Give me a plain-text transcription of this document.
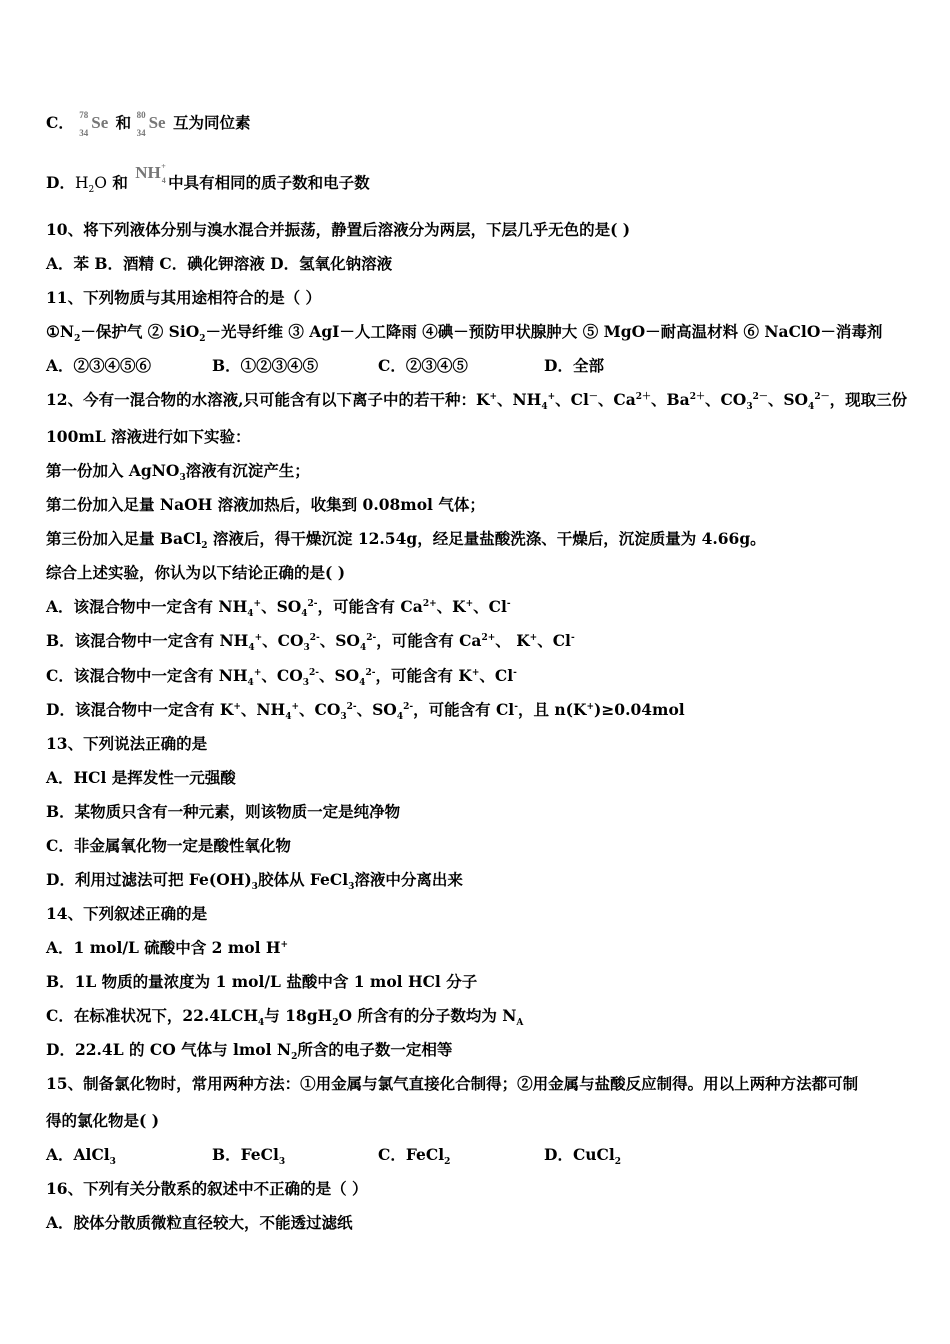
C． 78
34
Se 和 80
34
Se 互为同位素
D．$H_2O$ 和 NH +
4 中具有相同的质子数和电子数
10、将下列液体分别与溴水混合并振荡，静置后溶液分为两层，下层几乎无色的是( )
A．苯 B．酒精 C．碘化钾溶液 D．氢氧化钠溶液
11、下列物质与其用途相符合的是（ ）
$①N_2-$保护气 ② SiO$_2$－光导纤维 ③ AgI－人工降雨 ④碘－预防甲状腺肿大 ⑤ MgO－耐高温材料 ⑥ NaClO－消毒剂
A．②③④⑤⑥	B．①②③④⑤	C．②③④⑤	D．全部
12、今有一混合物的水溶液,只可能含有以下离子中的若干种：K+、$NH_4^+$、Cl－、$Ca^{2+}$、$Ba^{2+}$、$CO_3^{2-}$、$SO_4^{2-}$，现取三份
100mL 溶液进行如下实验：
第一份加入 AgNO$_3$溶液有沉淀产生；
第二份加入足量 NaOH 溶液加热后，收集到 0.08mol 气体；
第三份加入足量 BaCl$_2$ 溶液后，得干燥沉淀 12.54g，经足量盐酸洗涤、干燥后，沉淀质量为 4.66g。
综合上述实验，你认为以下结论正确的是( )
A．该混合物中一定含有 $NH_4^+$、$SO_4^{2-}$，可能含有 $Ca^{2+}$、K+、Cl-
B．该混合物中一定含有 $NH_4^+$、$CO_3^{2-}$、$SO_4^{2-}$，可能含有 $Ca^{2+}$、 K+、Cl-
C．该混合物中一定含有 $NH_4^+$、$CO_3^{2-}$、$SO_4^{2-}$，可能含有 K+、Cl-
D．该混合物中一定含有 K+、$NH_4^+$、$CO_3^{2-}$、$SO_4^{2-}$，可能含有 Cl-，且 n(K+)≥0.04mol
13、下列说法正确的是
A．HCl 是挥发性一元强酸
B．某物质只含有一种元素，则该物质一定是纯净物
C．非金属氧化物一定是酸性氧化物
D．利用过滤法可把 $Fe(OH)_3$胶体从 FeCl$_3$溶液中分离出来
14、下列叙述正确的是
A．1 mol/L 硫酸中含 2 mol H+
B．1L 物质的量浓度为 1 mol/L 盐酸中含 1 mol HCl 分子
C．在标准状况下，$22.4LCH_4$与 $18gH_2O$ 所含有的分子数均为 $N_A$
D．22.4L 的 CO 气体与 lmol $N_2$所含的电子数一定相等
15、制备氯化物时，常用两种方法：①用金属与氯气直接化合制得；②用金属与盐酸反应制得。用以上两种方法都可制
得的氯化物是( )
A．AlCl$_3$	B．FeCl$_3$	C．FeCl$_2$	D．CuCl$_2$
16、下列有关分散系的叙述中不正确的是（ ）
A．胶体分散质微粒直径较大，不能透过滤纸
